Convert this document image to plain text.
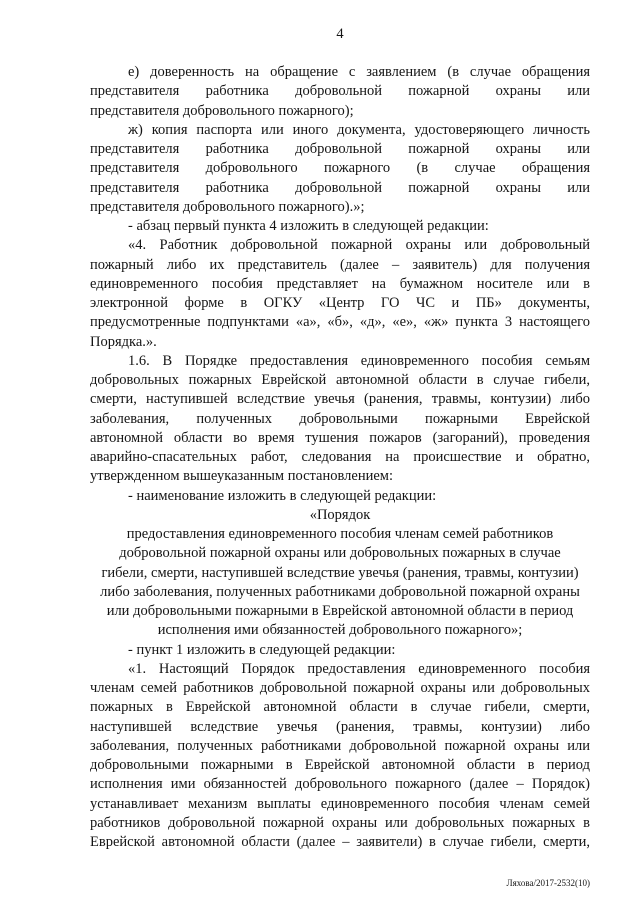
4
е) доверенность на обращение с заявлением (в случае обращения
представителя работника добровольной пожарной охраны или
представителя добровольного пожарного);
ж) копия паспорта или иного документа, удостоверяющего личность
представителя работника добровольной пожарной охраны или
представителя добровольного пожарного (в случае обращения
представителя работника добровольной пожарной охраны или
представителя добровольного пожарного).»;
- абзац первый пункта 4 изложить в следующей редакции:
«4. Работник добровольной пожарной охраны или добровольный
пожарный либо их представитель (далее – заявитель) для получения
единовременного пособия представляет на бумажном носителе или в
электронной форме в ОГКУ «Центр ГО ЧС и ПБ» документы,
предусмотренные подпунктами «а», «б», «д», «е», «ж» пункта 3 настоящего
Порядка.».
1.6. В Порядке предоставления единовременного пособия семьям
добровольных пожарных Еврейской автономной области в случае гибели,
смерти, наступившей вследствие увечья (ранения, травмы, контузии) либо
заболевания, полученных добровольными пожарными Еврейской
автономной области во время тушения пожаров (загораний), проведения
аварийно-спасательных работ, следования на происшествие и обратно,
утвержденном вышеуказанным постановлением:
- наименование изложить в следующей редакции:
«Порядок
предоставления единовременного пособия членам семей работников
добровольной пожарной охраны или добровольных пожарных в случае
гибели, смерти, наступившей вследствие увечья (ранения, травмы, контузии)
либо заболевания, полученных работниками добровольной пожарной охраны
или добровольными пожарными в Еврейской автономной области в период
исполнения ими обязанностей добровольного пожарного»;
- пункт 1 изложить в следующей редакции:
«1. Настоящий Порядок предоставления единовременного пособия
членам семей работников добровольной пожарной охраны или добровольных
пожарных в Еврейской автономной области в случае гибели, смерти,
наступившей вследствие увечья (ранения, травмы, контузии) либо
заболевания, полученных работниками добровольной пожарной охраны или
добровольными пожарными в Еврейской автономной области в период
исполнения ими обязанностей добровольного пожарного (далее – Порядок)
устанавливает механизм выплаты единовременного пособия членам семей
работников добровольной пожарной охраны или добровольных пожарных в
Еврейской автономной области (далее – заявители) в случае гибели, смерти,
Ляхова/2017-2532(10)
